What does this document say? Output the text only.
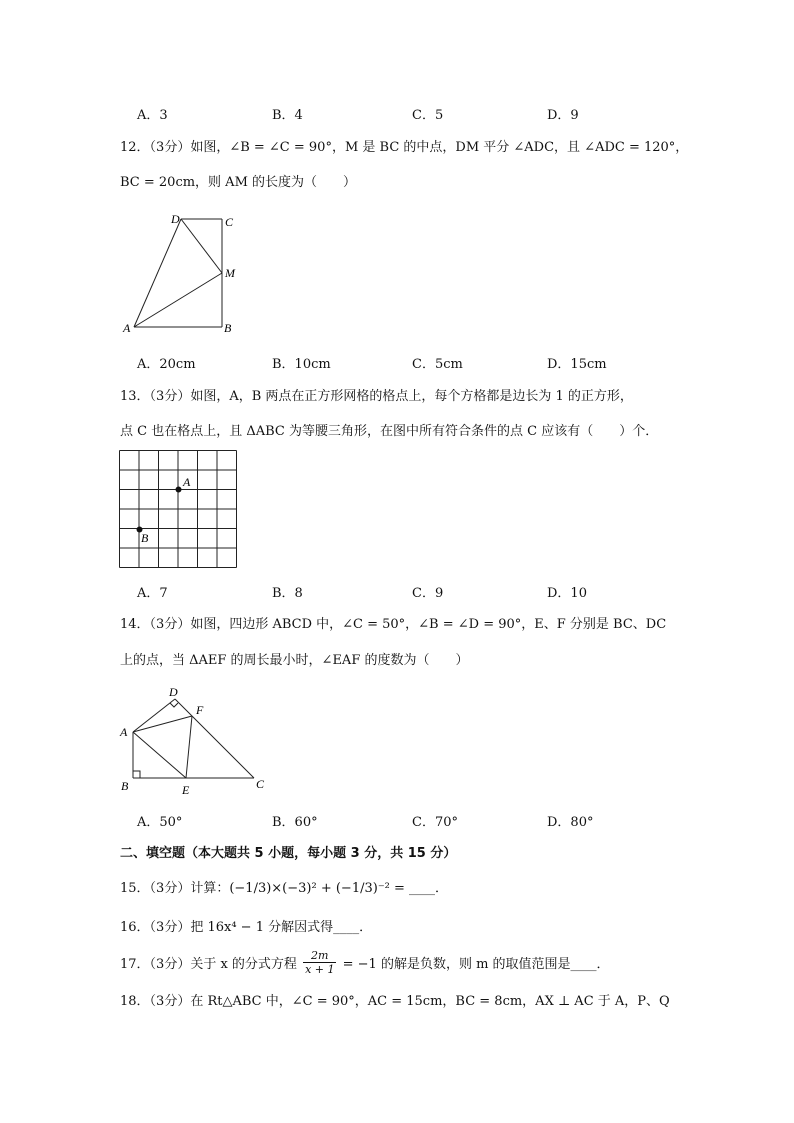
A．3	B．4	C．5	D．9
12．（3分）如图，∠B = ∠C = 90°，M 是 BC 的中点，DM 平分 ∠ADC，且 ∠ADC = 120°，
BC = 20cm，则 AM 的长度为（　　）
D	C
M
A	B
A．20cm	B．10cm	C．5cm	D．15cm
13．（3分）如图，A，B 两点在正方形网格的格点上，每个方格都是边长为 1 的正方形，
点 C 也在格点上，且 ΔABC 为等腰三角形，在图中所有符合条件的点 C 应该有（　　）个．
A
B
A．7	B．8	C．9	D．10
14．（3分）如图，四边形 ABCD 中，∠C = 50°，∠B = ∠D = 90°，E、F 分别是 BC、DC
上的点，当 ΔAEF 的周长最小时，∠EAF 的度数为（　　）
D
F
A
B	E	C
A．50°	B．60°	C．70°	D．80°
二、填空题（本大题共 5 小题，每小题 3 分，共 15 分）
15．（3分）计算：(−1/3)×(−3)² + (−1/3)⁻² = ____．
16．（3分）把 16x⁴ − 1 分解因式得____．
17．（3分）关于 x 的分式方程 $\frac{2m}{x + 1} = -1$ 的解是负数，则 m 的取值范围是____．
18．（3分）在 Rt△ABC 中，∠C = 90°，AC = 15cm，BC = 8cm，AX ⊥ AC 于 A，P、Q
